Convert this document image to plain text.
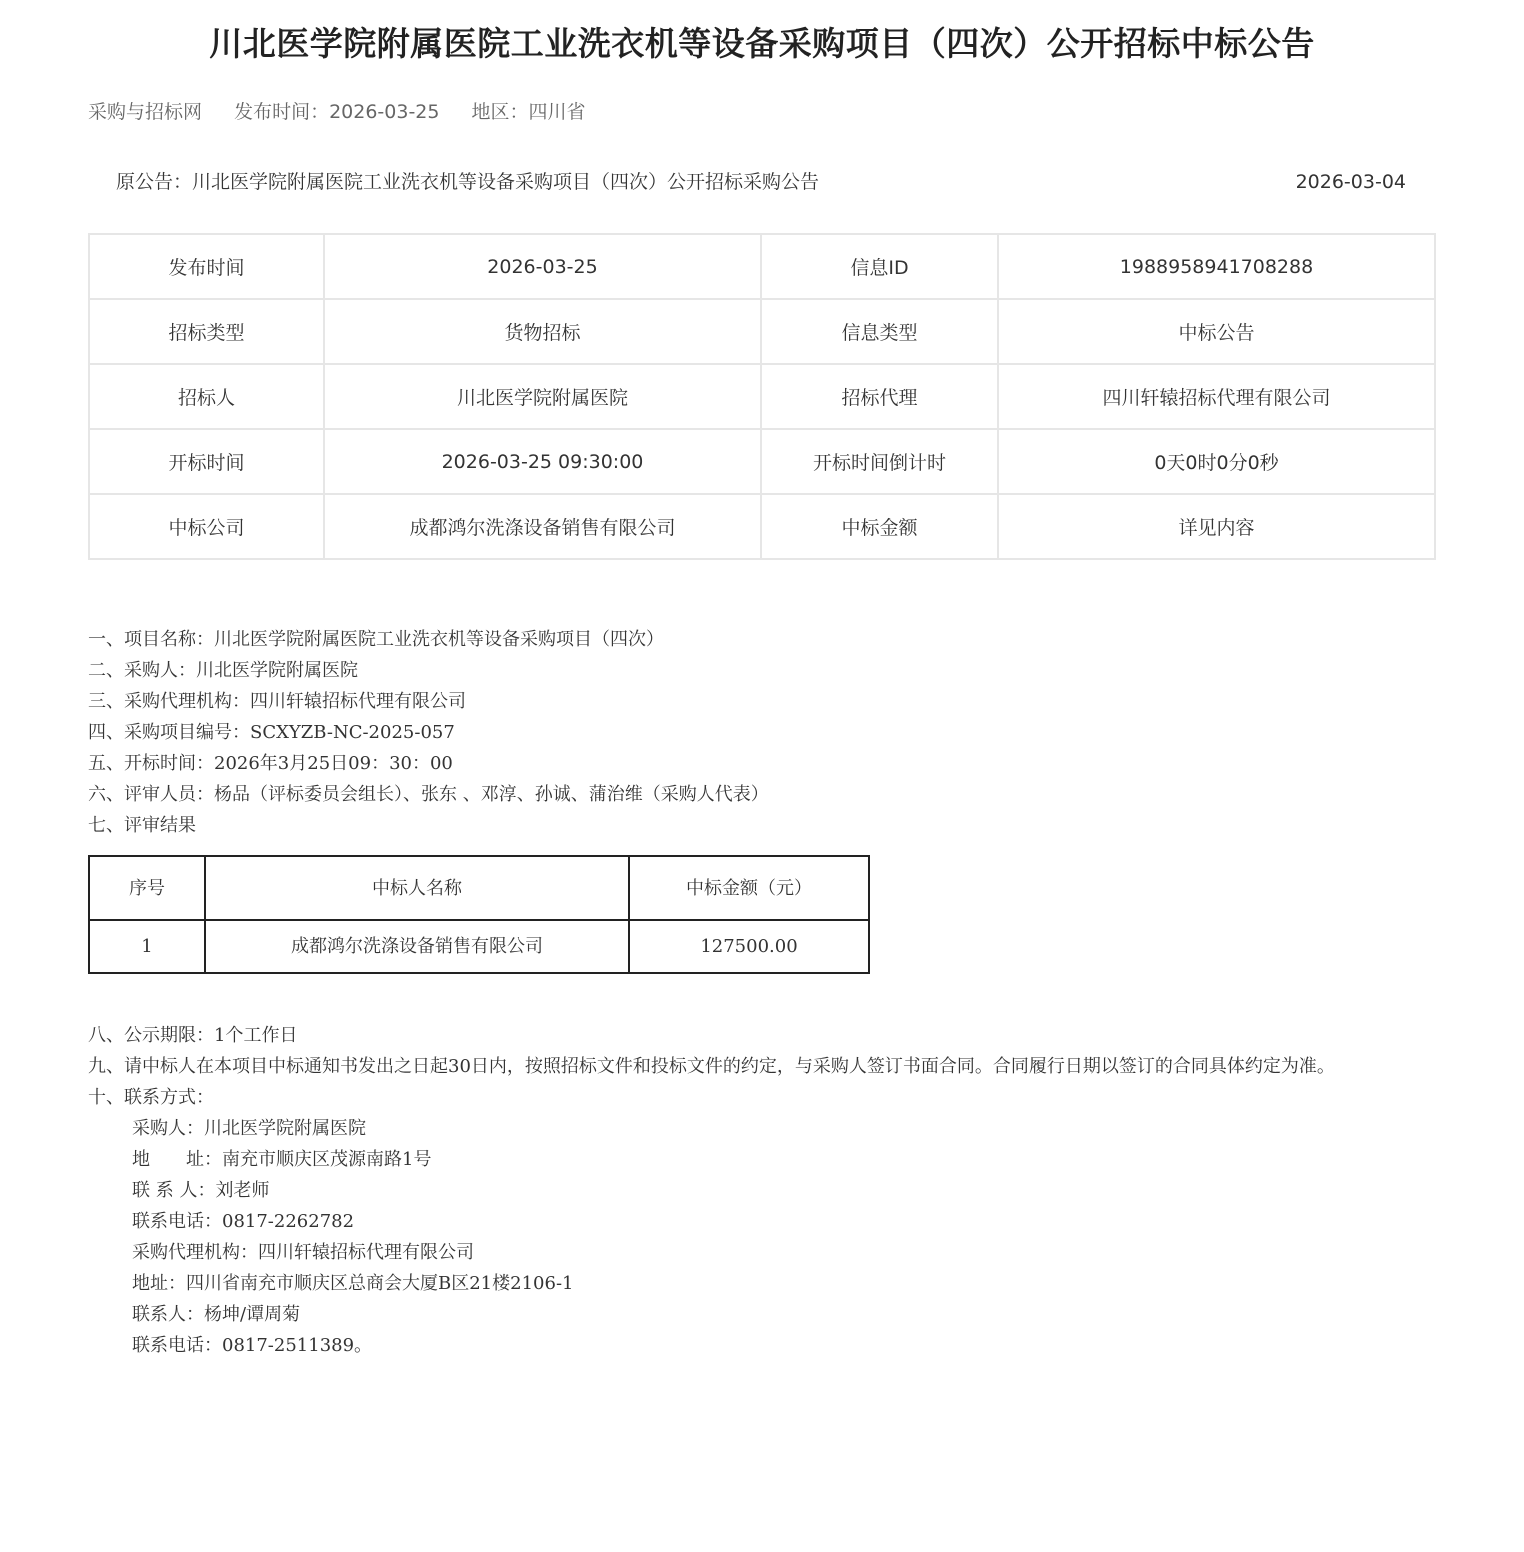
川北医学院附属医院工业洗衣机等设备采购项目（四次）公开招标中标公告
采购与招标网 发布时间：2026-03-25 地区：四川省
原公告：川北医学院附属医院工业洗衣机等设备采购项目（四次）公开招标采购公告	2026-03-04
发布时间	2026-03-25	信息ID	1988958941708288
招标类型	货物招标	信息类型	中标公告
招标人	川北医学院附属医院	招标代理	四川轩辕招标代理有限公司
开标时间	2026-03-25 09:30:00	开标时间倒计时	0天0时0分0秒
中标公司	成都鸿尔洗涤设备销售有限公司	中标金额	详见内容

一、项目名称：川北医学院附属医院工业洗衣机等设备采购项目（四次）

二、采购人：川北医学院附属医院

三、采购代理机构：四川轩辕招标代理有限公司

四、采购项目编号：SCXYZB-NC-2025-057

五、开标时间：2026年3月25日09：30：00

六、评审人员：杨品（评标委员会组长）、张东 、邓淳、孙诚、蒲治维（采购人代表）

七、评审结果

序号	中标人名称	中标金额（元）
1	成都鸿尔洗涤设备销售有限公司	127500.00

八、公示期限：1个工作日

九、请中标人在本项目中标通知书发出之日起30日内，按照招标文件和投标文件的约定，与采购人签订书面合同。合同履行日期以签订的合同具体约定为准。

十、联系方式：

采购人：川北医学院附属医院

地　　址：南充市顺庆区茂源南路1号

联 系 人：刘老师

联系电话：0817-2262782

采购代理机构：四川轩辕招标代理有限公司

地址：四川省南充市顺庆区总商会大厦B区21楼2106-1

联系人：杨坤/谭周菊

联系电话：0817-2511389。
